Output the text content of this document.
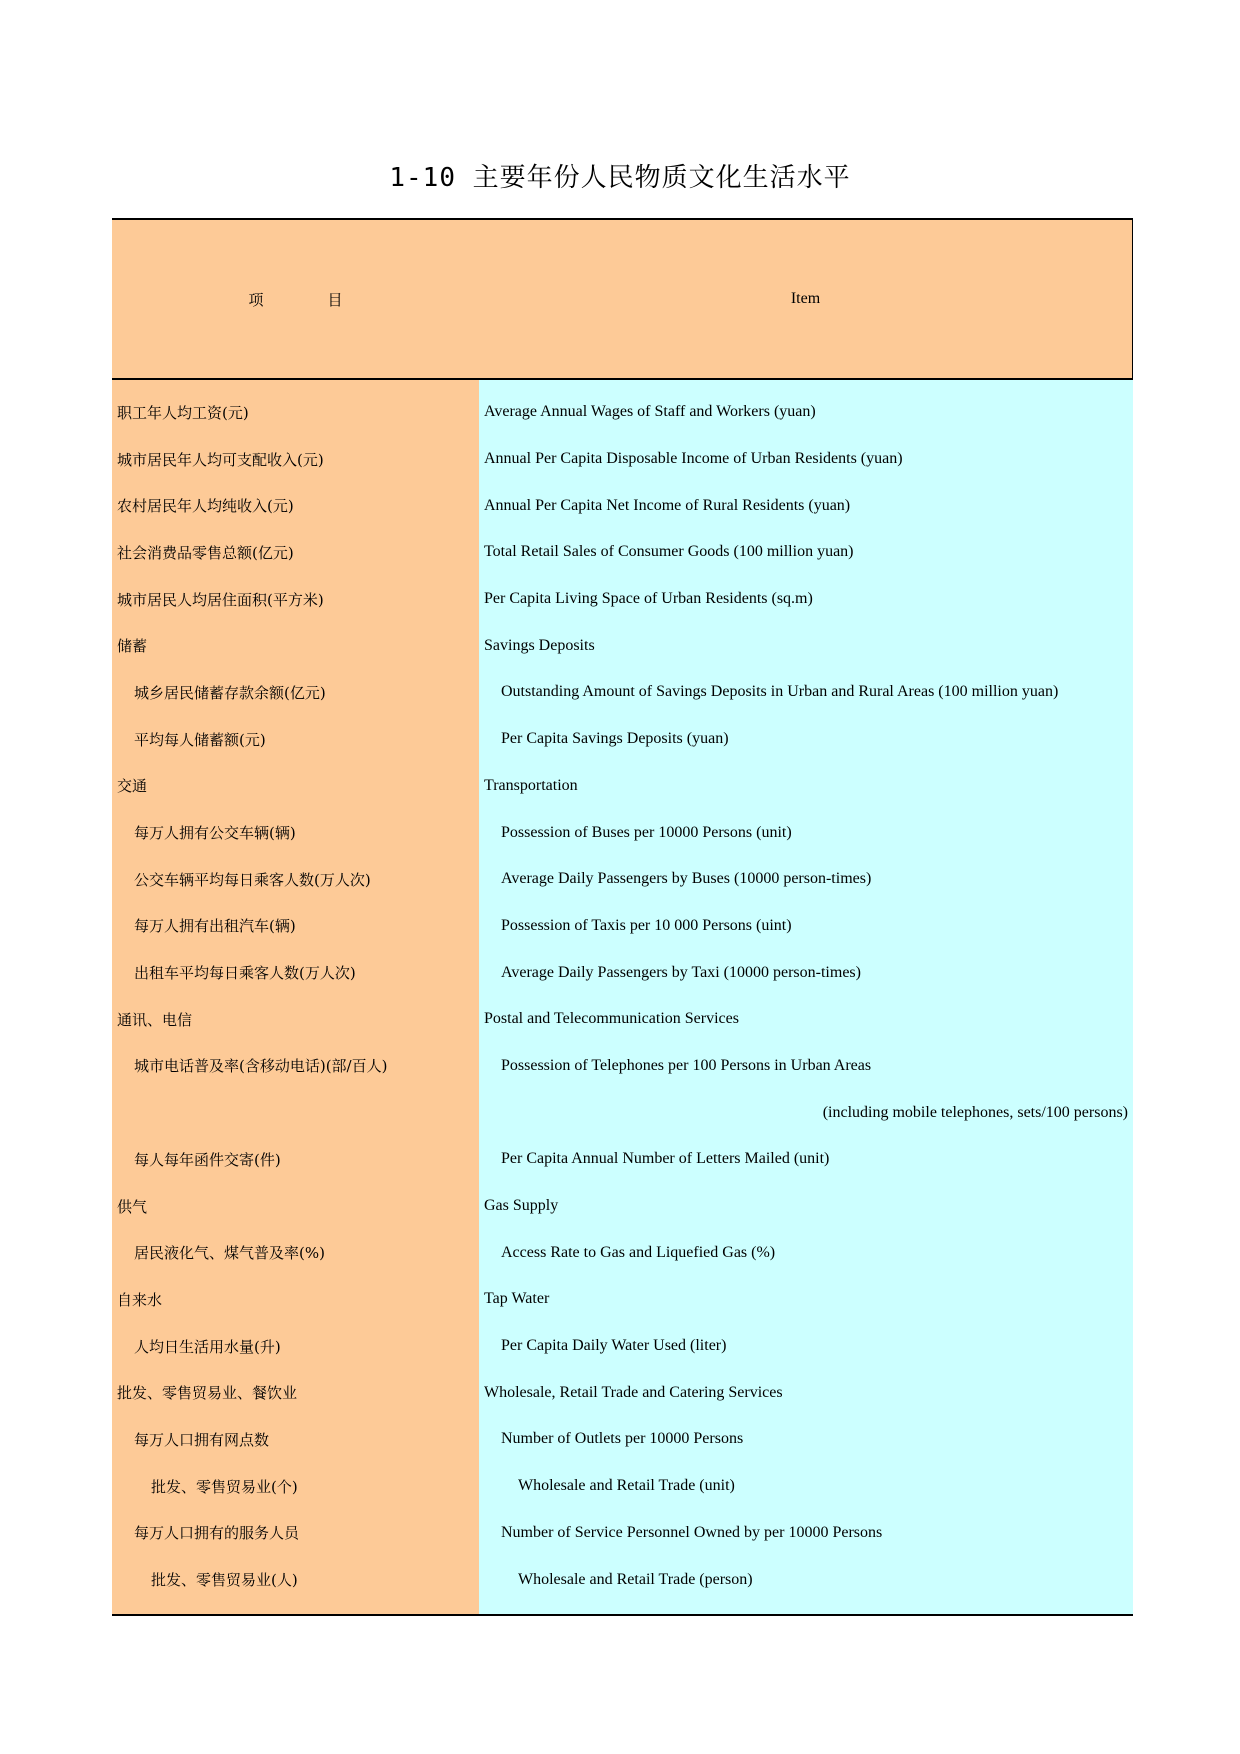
1-10 主要年份人民物质文化生活水平
项	目	Item
职工年人均工资(元)
城市居民年人均可支配收入(元)
农村居民年人均纯收入(元)
社会消费品零售总额(亿元)
城市居民人均居住面积(平方米)
储蓄
城乡居民储蓄存款余额(亿元)
平均每人储蓄额(元)
交通
每万人拥有公交车辆(辆)
公交车辆平均每日乘客人数(万人次)
每万人拥有出租汽车(辆)
出租车平均每日乘客人数(万人次)
通讯、电信
城市电话普及率(含移动电话)(部/百人)
每人每年函件交寄(件)
供气
居民液化气、煤气普及率(%)
自来水
人均日生活用水量(升)
批发、零售贸易业、餐饮业
每万人口拥有网点数
批发、零售贸易业(个)
每万人口拥有的服务人员
批发、零售贸易业(人)
Average Annual Wages of Staff and Workers (yuan)
Annual Per Capita Disposable Income of Urban Residents (yuan)
Annual Per Capita Net Income of Rural Residents (yuan)
Total Retail Sales of Consumer Goods (100 million yuan)
Per Capita Living Space of Urban Residents (sq.m)
Savings Deposits
Outstanding Amount of Savings Deposits in Urban and Rural Areas (100 million yuan)
Per Capita Savings Deposits (yuan)
Transportation
Possession of Buses per 10000 Persons (unit)
Average Daily Passengers by Buses (10000 person-times)
Possession of Taxis per 10 000 Persons (uint)
Average Daily Passengers by Taxi (10000 person-times)
Postal and Telecommunication Services
Possession of Telephones per 100 Persons in Urban Areas
(including mobile telephones, sets/100 persons)
Per Capita Annual Number of Letters Mailed (unit)
Gas Supply
Access Rate to Gas and Liquefied Gas (%)
Tap Water
Per Capita Daily Water Used (liter)
Wholesale, Retail Trade and Catering Services
Number of Outlets per 10000 Persons
Wholesale and Retail Trade (unit)
Number of Service Personnel Owned by per 10000 Persons
Wholesale and Retail Trade (person)
